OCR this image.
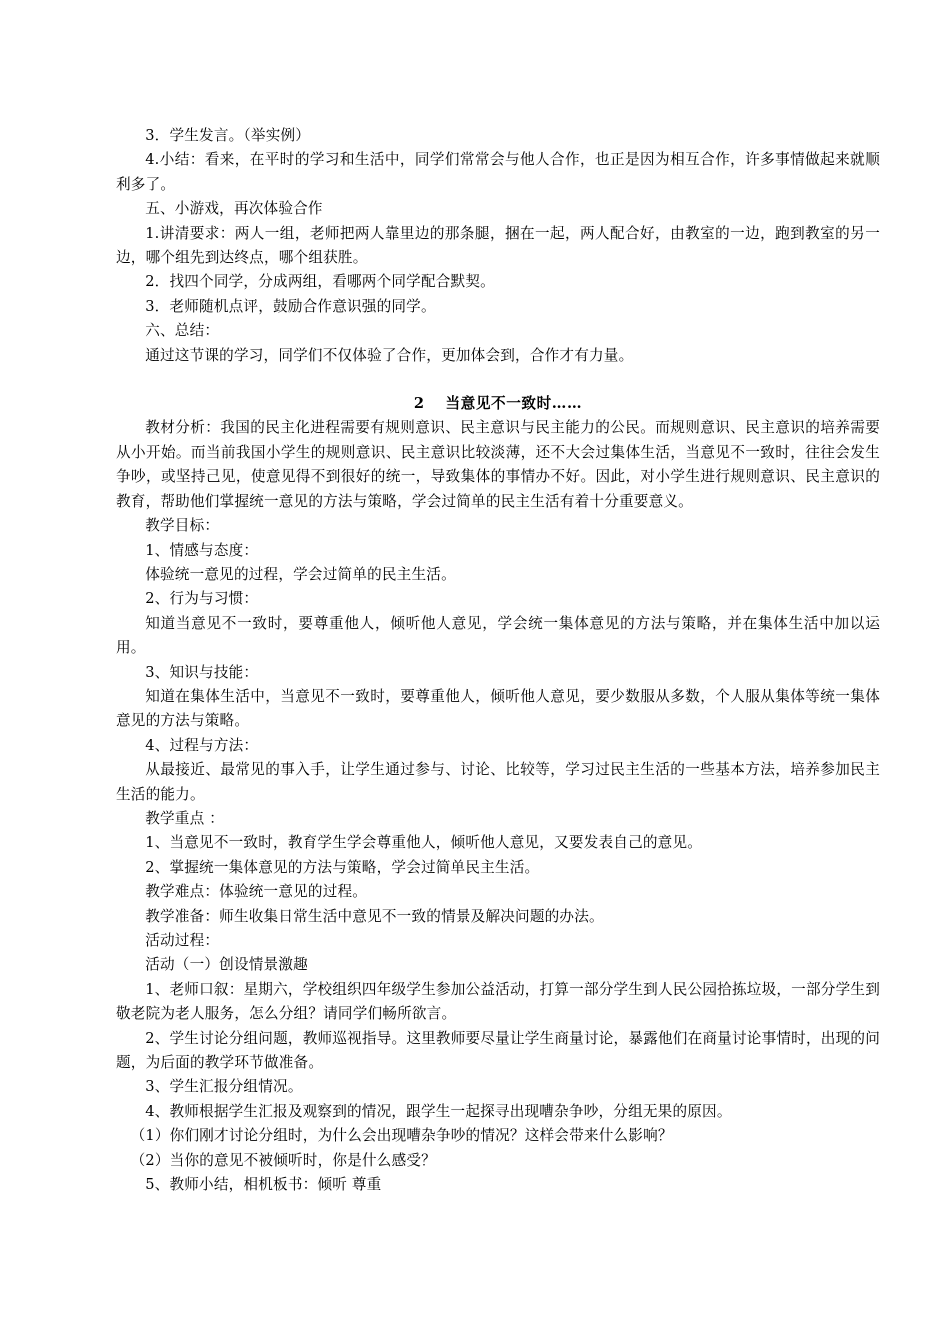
3．学生发言。（举实例）

4.小结：看来，在平时的学习和生活中，同学们常常会与他人合作，也正是因为相互合作，许多事情做起来就顺利多了。

五、小游戏，再次体验合作

1.讲清要求：两人一组，老师把两人靠里边的那条腿，捆在一起，两人配合好，由教室的一边，跑到教室的另一边，哪个组先到达终点，哪个组获胜。

2．找四个同学，分成两组，看哪两个同学配合默契。

3．老师随机点评，鼓励合作意识强的同学。

六、总结：

通过这节课的学习，同学们不仅体验了合作，更加体会到，合作才有力量。

2　 当意见不一致时……

教材分析：我国的民主化进程需要有规则意识、民主意识与民主能力的公民。而规则意识、民主意识的培养需要从小开始。而当前我国小学生的规则意识、民主意识比较淡薄，还不大会过集体生活，当意见不一致时，往往会发生争吵，或坚持己见，使意见得不到很好的统一，导致集体的事情办不好。因此，对小学生进行规则意识、民主意识的教育，帮助他们掌握统一意见的方法与策略，学会过简单的民主生活有着十分重要意义。

教学目标：

1、情感与态度：

体验统一意见的过程，学会过简单的民主生活。

2、行为与习惯：

知道当意见不一致时，要尊重他人，倾听他人意见，学会统一集体意见的方法与策略，并在集体生活中加以运用。

3、知识与技能：

知道在集体生活中，当意见不一致时，要尊重他人，倾听他人意见，要少数服从多数，个人服从集体等统一集体意见的方法与策略。

4、过程与方法：

从最接近、最常见的事入手，让学生通过参与、讨论、比较等，学习过民主生活的一些基本方法，培养参加民主生活的能力。

教学重点 ：

1、当意见不一致时，教育学生学会尊重他人，倾听他人意见，又要发表自己的意见。

2、掌握统一集体意见的方法与策略，学会过简单民主生活。

教学难点：体验统一意见的过程。

教学准备：师生收集日常生活中意见不一致的情景及解决问题的办法。

活动过程：

活动（一）创设情景激趣

1、老师口叙：星期六，学校组织四年级学生参加公益活动，打算一部分学生到人民公园拾拣垃圾，一部分学生到敬老院为老人服务，怎么分组？请同学们畅所欲言。

2、学生讨论分组问题，教师巡视指导。这里教师要尽量让学生商量讨论，暴露他们在商量讨论事情时，出现的问题，为后面的教学环节做准备。

3、学生汇报分组情况。

4、教师根据学生汇报及观察到的情况，跟学生一起探寻出现嘈杂争吵，分组无果的原因。

（1）你们刚才讨论分组时，为什么会出现嘈杂争吵的情况？这样会带来什么影响？

（2）当你的意见不被倾听时，你是什么感受？

5、教师小结，相机板书：倾听 尊重
